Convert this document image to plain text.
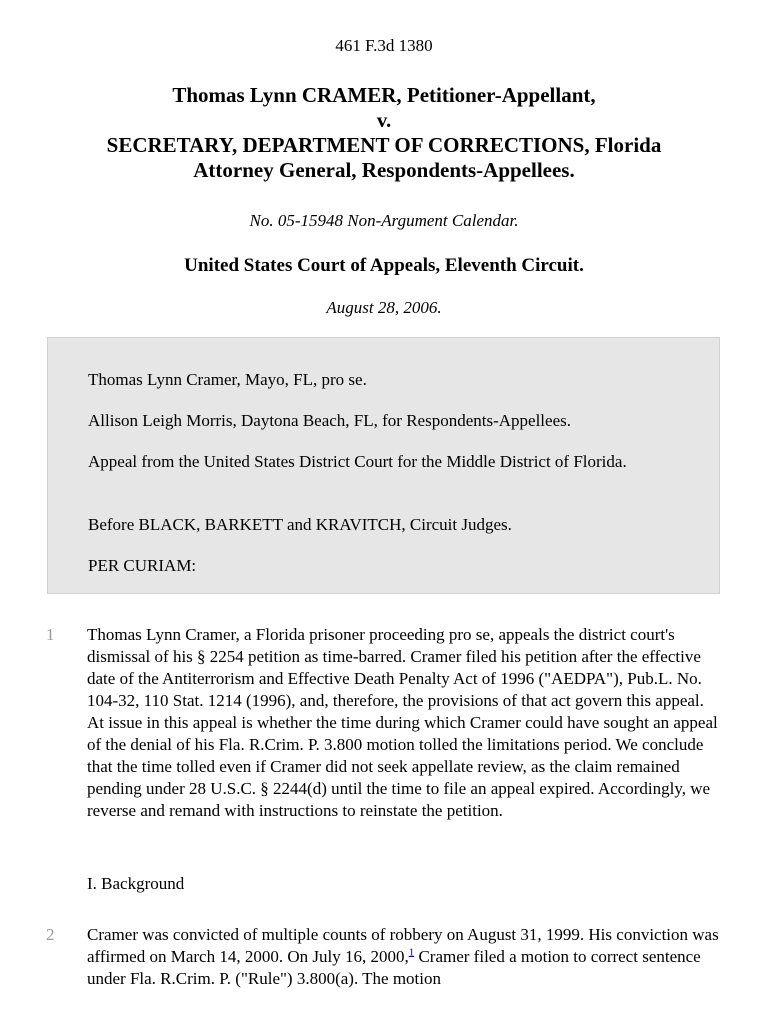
461 F.3d 1380
Thomas Lynn CRAMER, Petitioner-Appellant,
v.
SECRETARY, DEPARTMENT OF CORRECTIONS, Florida
Attorney General, Respondents-Appellees.
No. 05-15948 Non-Argument Calendar.
United States Court of Appeals, Eleventh Circuit.
August 28, 2006.

Thomas Lynn Cramer, Mayo, FL, pro se.

Allison Leigh Morris, Daytona Beach, FL, for Respondents-Appellees.

Appeal from the United States District Court for the Middle District of Florida.

Before BLACK, BARKETT and KRAVITCH, Circuit Judges.

PER CURIAM:

1 Thomas Lynn Cramer, a Florida prisoner proceeding pro se, appeals the district court's dismissal of his § 2254 petition as time-barred. Cramer filed his petition after the effective date of the Antiterrorism and Effective Death Penalty Act of 1996 ("AEDPA"), Pub.L. No. 104-32, 110 Stat. 1214 (1996), and, therefore, the provisions of that act govern this appeal. At issue in this appeal is whether the time during which Cramer could have sought an appeal of the denial of his Fla. R.Crim. P. 3.800 motion tolled the limitations period. We conclude that the time tolled even if Cramer did not seek appellate review, as the claim remained pending under 28 U.S.C. § 2244(d) until the time to file an appeal expired. Accordingly, we reverse and remand with instructions to reinstate the petition.

I. Background
2 Cramer was convicted of multiple counts of robbery on August 31, 1999. His conviction was affirmed on March 14, 2000. On July 16, 2000,$^1$ Cramer filed a motion to correct sentence under Fla. R.Crim. P. ("Rule") 3.800(a). The motion
